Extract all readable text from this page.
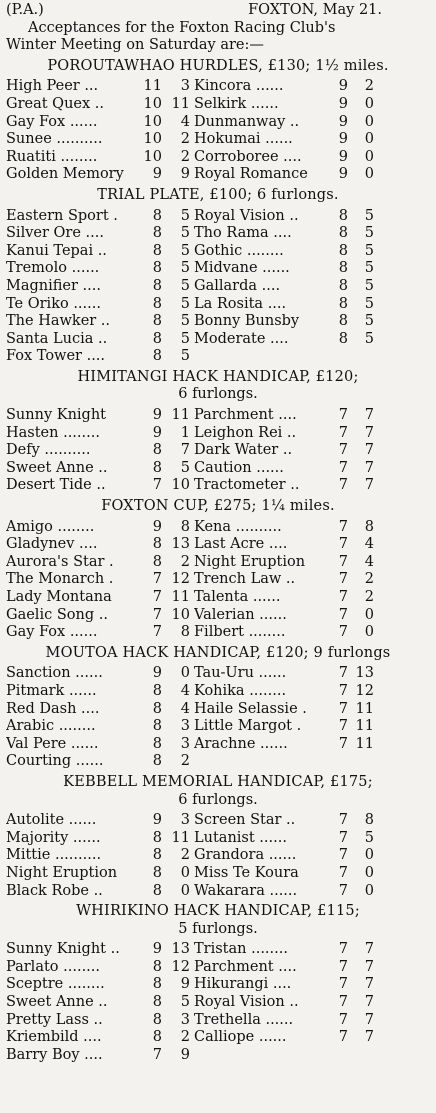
(P.A.)	FOXTON, May 21.
Acceptances for the Foxton Racing Club's
Winter Meeting on Saturday are:—
POROUTAWHAO HURDLES, £130; 1½ miles.
High Peer ...	11	3 Kincora ......	9	2
Great Quex ..	10 11 Selkirk ......	9	0
Gay Fox ......	10	4 Dunmanway ..	9	0
Sunee ..........	10	2 Hokumai ......	9	0
Ruatiti ........	10	2 Corroboree ....	9	0
Golden Memory	9	9 Royal Romance	9	0
TRIAL PLATE, £100; 6 furlongs.
Eastern Sport .	8	5 Royal Vision ..	8	5
Silver Ore ....	8	5 Tho Rama ....	8	5
Kanui Tepai ..	8	5 Gothic ........	8	5
Tremolo ......	8	5 Midvane ......	8	5
Magnifier ....	8	5 Gallarda ....	8	5
Te Oriko ......	8	5 La Rosita ....	8	5
The Hawker ..	8	5 Bonny Bunsby	8	5
Santa Lucia ..	8	5 Moderate ....	8	5
Fox Tower ....	8	5
HIMITANGI HACK HANDICAP, £120;
6 furlongs.
Sunny Knight	9 11 Parchment ....	7	7
Hasten ........	9	1 Leighon Rei ..	7	7
Defy ..........	8	7 Dark Water ..	7	7
Sweet Anne ..	8	5 Caution ......	7	7
Desert Tide ..	7 10 Tractometer ..	7	7
FOXTON CUP, £275; 1¼ miles.
Amigo ........	9	8 Kena ..........	7	8
Gladynev ....	8 13 Last Acre ....	7	4
Aurora's Star .	8	2 Night Eruption	7	4
The Monarch .	7 12 Trench Law ..	7	2
Lady Montana	7 11 Talenta ......	7	2
Gaelic Song ..	7 10 Valerian ......	7	0
Gay Fox ......	7	8 Filbert ........	7	0
MOUTOA HACK HANDICAP, £120; 9 furlongs
Sanction ......	9	0 Tau-Uru ......	7 13
Pitmark ......	8	4 Kohika ........	7 12
Red Dash ....	8	4 Haile Selassie .	7 11
Arabic ........	8	3 Little Margot .	7 11
Val Pere ......	8	3 Arachne ......	7 11
Courting ......	8	2
KEBBELL MEMORIAL HANDICAP, £175;
6 furlongs.
Autolite ......	9	3 Screen Star ..	7	8
Majority ......	8 11 Lutanist ......	7	5
Mittie ..........	8	2 Grandora ......	7	0
Night Eruption	8	0 Miss Te Koura	7	0
Black Robe ..	8	0 Wakarara ......	7	0
WHIRIKINO HACK HANDICAP, £115;
5 furlongs.
Sunny Knight ..	9 13 Tristan ........	7	7
Parlato ........	8 12 Parchment ....	7	7
Sceptre ........	8	9 Hikurangi ....	7	7
Sweet Anne ..	8	5 Royal Vision ..	7	7
Pretty Lass ..	8	3 Trethella ......	7	7
Kriembild ....	8	2 Calliope ......	7	7
Barry Boy ....	7	9
